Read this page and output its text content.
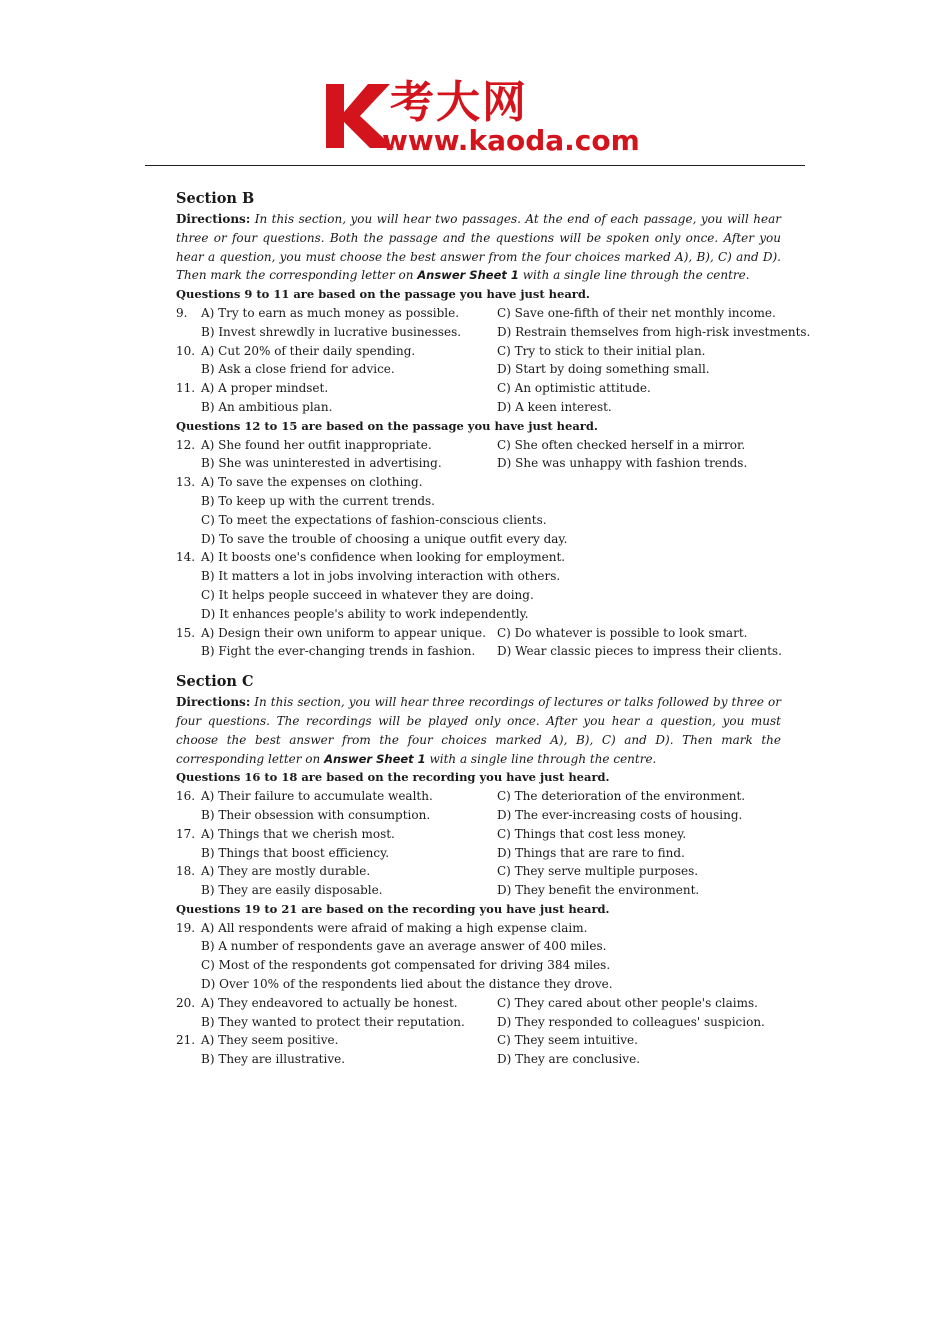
考大网
www.kaoda.com
Section B
Directions: In this section, you will hear two passages. At the end of each passage, you will hear three or four questions. Both the passage and the questions will be spoken only once. After you hear a question, you must choose the best answer from the four choices marked A), B), C) and D). Then mark the corresponding letter on Answer Sheet 1 with a single line through the centre.
Questions 9 to 11 are based on the passage you have just heard.
9. A) Try to earn as much money as possible.	C) Save one-fifth of their net monthly income.
B) Invest shrewdly in lucrative businesses.	D) Restrain themselves from high-risk investments.
10. A) Cut 20% of their daily spending.	C) Try to stick to their initial plan.
B) Ask a close friend for advice.	D) Start by doing something small.
11. A) A proper mindset.	C) An optimistic attitude.
B) An ambitious plan.	D) A keen interest.
Questions 12 to 15 are based on the passage you have just heard.
12. A) She found her outfit inappropriate.	C) She often checked herself in a mirror.
B) She was uninterested in advertising.	D) She was unhappy with fashion trends.
13. A) To save the expenses on clothing.
B) To keep up with the current trends.
C) To meet the expectations of fashion-conscious clients.
D) To save the trouble of choosing a unique outfit every day.
14. A) It boosts one's confidence when looking for employment.
B) It matters a lot in jobs involving interaction with others.
C) It helps people succeed in whatever they are doing.
D) It enhances people's ability to work independently.
15. A) Design their own uniform to appear unique. C) Do whatever is possible to look smart.
B) Fight the ever-changing trends in fashion. D) Wear classic pieces to impress their clients.
Section C
Directions: In this section, you will hear three recordings of lectures or talks followed by three or four questions. The recordings will be played only once. After you hear a question, you must choose the best answer from the four choices marked A), B), C) and D). Then mark the corresponding letter on Answer Sheet 1 with a single line through the centre.
Questions 16 to 18 are based on the recording you have just heard.
16. A) Their failure to accumulate wealth.	C) The deterioration of the environment.
B) Their obsession with consumption.	D) The ever-increasing costs of housing.
17. A) Things that we cherish most.	C) Things that cost less money.
B) Things that boost efficiency.	D) Things that are rare to find.
18. A) They are mostly durable.	C) They serve multiple purposes.
B) They are easily disposable.	D) They benefit the environment.
Questions 19 to 21 are based on the recording you have just heard.
19. A) All respondents were afraid of making a high expense claim.
B) A number of respondents gave an average answer of 400 miles.
C) Most of the respondents got compensated for driving 384 miles.
D) Over 10% of the respondents lied about the distance they drove.
20. A) They endeavored to actually be honest.	C) They cared about other people's claims.
B) They wanted to protect their reputation.	D) They responded to colleagues' suspicion.
21. A) They seem positive.	C) They seem intuitive.
B) They are illustrative.	D) They are conclusive.
